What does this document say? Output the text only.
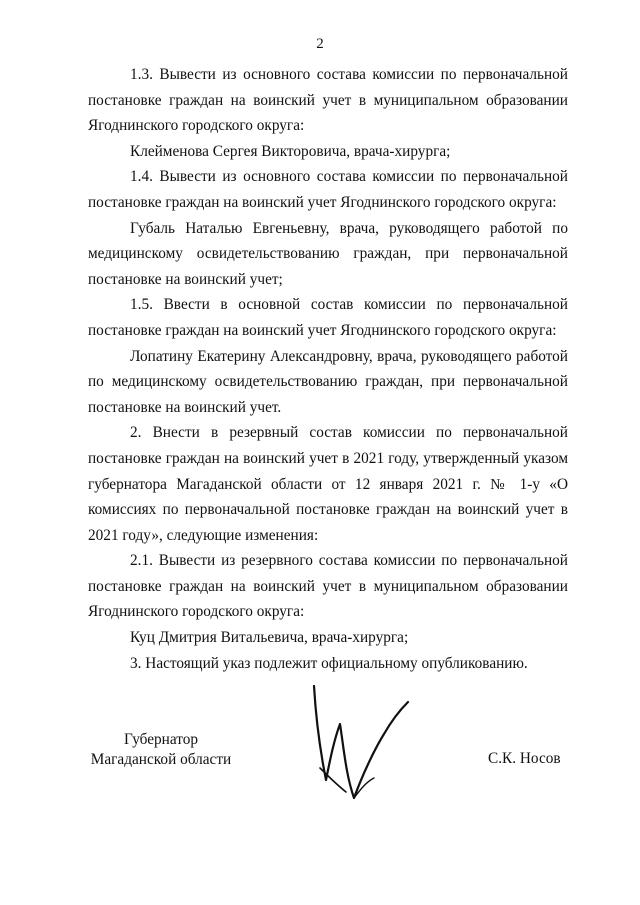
2

1.3. Вывести из основного состава комиссии по первоначальной постановке граждан на воинский учет в муниципальном образовании Ягоднинского городского округа:

Клейменова Сергея Викторовича, врача-хирурга;

1.4. Вывести из основного состава комиссии по первоначальной постановке граждан на воинский учет Ягоднинского городского округа:

Губаль Наталью Евгеньевну, врача, руководящего работой по медицинскому освидетельствованию граждан, при первоначальной постановке на воинский учет;

1.5. Ввести в основной состав комиссии по первоначальной постановке граждан на воинский учет Ягоднинского городского округа:

Лопатину Екатерину Александровну, врача, руководящего работой по медицинскому освидетельствованию граждан, при первоначальной постановке на воинский учет.

2. Внести в резервный состав комиссии по первоначальной постановке граждан на воинский учет в 2021 году, утвержденный указом губернатора Магаданской области от 12 января 2021 г. № 1-у «О комиссиях по первоначальной постановке граждан на воинский учет в 2021 году», следующие изменения:

2.1. Вывести из резервного состава комиссии по первоначальной постановке граждан на воинский учет в муниципальном образовании Ягоднинского городского округа:

Куц Дмитрия Витальевича, врача-хирурга;

3. Настоящий указ подлежит официальному опубликованию.

Губернатор
Магаданской области	С.К. Носов
